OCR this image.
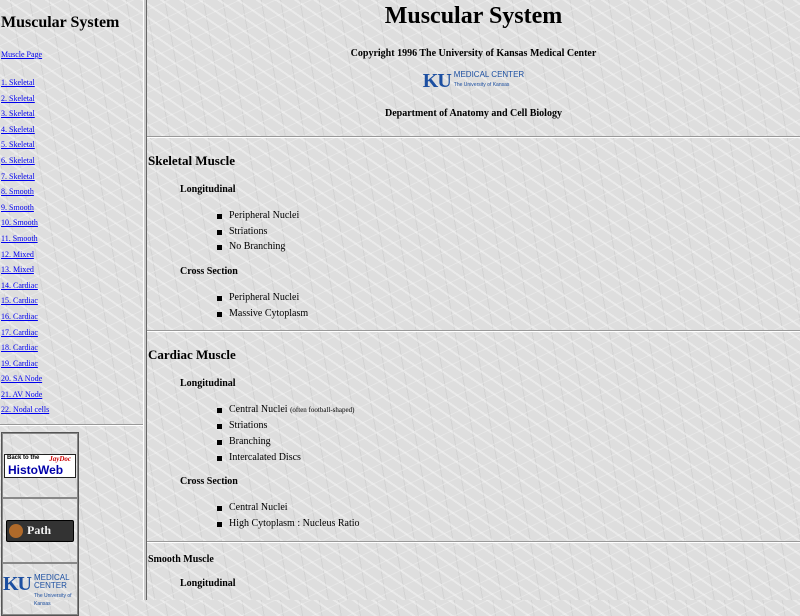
Muscular System
Muscle Page
1. Skeletal
2. Skeletal
3. Skeletal
4. Skeletal
5. Skeletal
6. Skeletal
7. Skeletal
8. Smooth
9. Smooth
10. Smooth
11. Smooth
12. Mixed
13. Mixed
14. Cardiac
15. Cardiac
16. Cardiac
17. Cardiac
18. Cardiac
19. Cardiac
20. SA Node
21. AV Node
22. Nodal cells
Back to the JayDoc
HistoWeb
Path
KU MEDICAL CENTER
The University of Kansas
Muscular System
Copyright 1996 The University of Kansas Medical Center
KU MEDICAL CENTER
The University of Kansas
Department of Anatomy and Cell Biology
Skeletal Muscle
Longitudinal
Peripheral Nuclei
Striations
No Branching
Cross Section
Peripheral Nuclei
Massive Cytoplasm
Cardiac Muscle
Longitudinal
Central Nuclei (often football-shaped)
Striations
Branching
Intercalated Discs
Cross Section
Central Nuclei
High Cytoplasm : Nucleus Ratio
Smooth Muscle
Longitudinal
